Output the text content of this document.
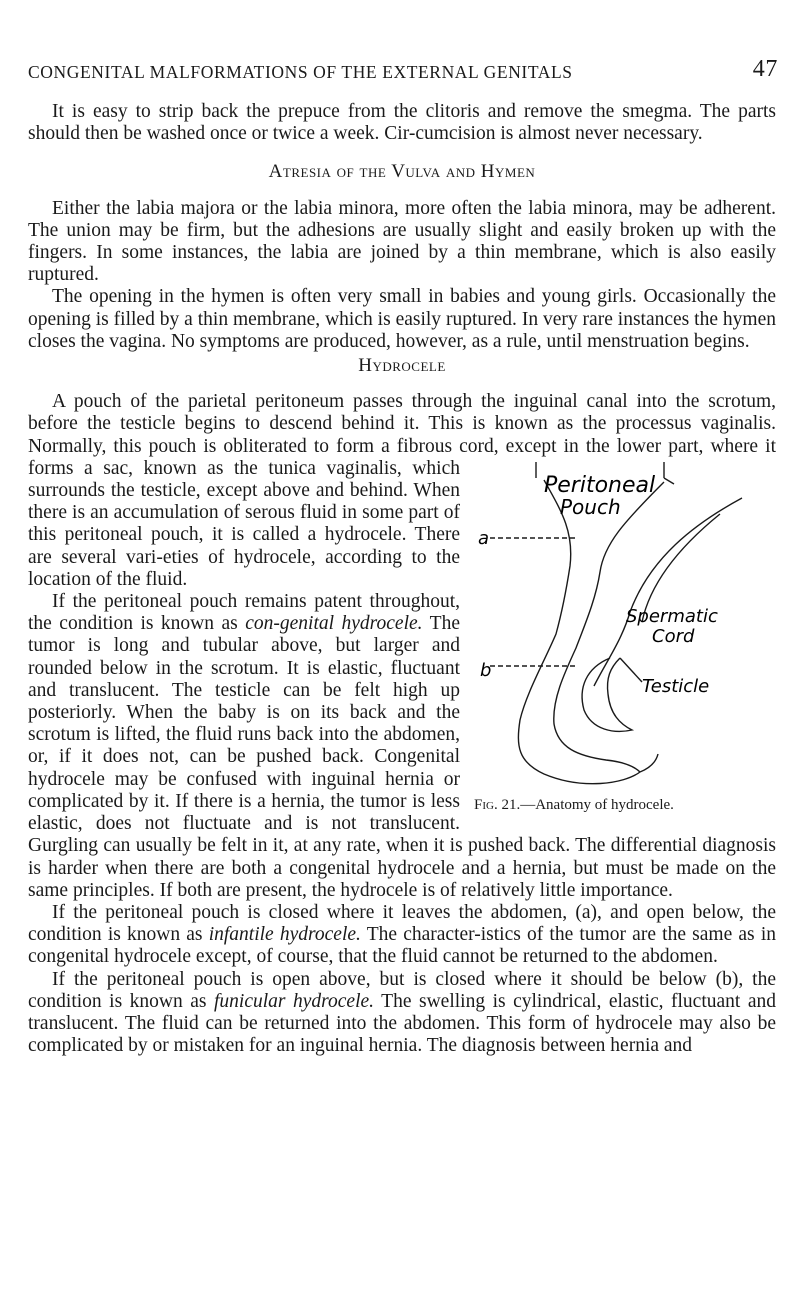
CONGENITAL MALFORMATIONS OF THE EXTERNAL GENITALS	47

It is easy to strip back the prepuce from the clitoris and remove the smegma. The parts should then be washed once or twice a week. Cir-cumcision is almost never necessary.

Atresia of the Vulva and Hymen

Either the labia majora or the labia minora, more often the labia minora, may be adherent. The union may be firm, but the adhesions are usually slight and easily broken up with the fingers. In some instances, the labia are joined by a thin membrane, which is also easily ruptured.

The opening in the hymen is often very small in babies and young girls. Occasionally the opening is filled by a thin membrane, which is easily ruptured. In very rare instances the hymen closes the vagina. No symptoms are produced, however, as a rule, until menstruation begins.

Hydrocele

A pouch of the parietal peritoneum passes through the inguinal canal into the scrotum, before the testicle begins to descend behind it. This is known as the processus vaginalis. Normally, this pouch is obliterated to form a fibrous cord, except in the lower part, where it forms a sac, known
Peritoneal
Pouch
a
Spermatic
Cord
b
Testicle
Fig. 21.—Anatomy of hydrocele.
as the tunica vaginalis, which surrounds the testicle, except above and behind. When there is an accumulation of serous fluid in some part of this peritoneal pouch, it is called a hydrocele. There are several vari-eties of hydrocele, according to the location of the fluid.

If the peritoneal pouch remains patent throughout, the condition is known as con-genital hydrocele. The tumor is long and tubular above, but larger and rounded below in the scrotum. It is elastic, fluctuant and translucent. The testicle can be felt high up posteriorly. When the baby is on its back and the scrotum is lifted, the fluid runs back into the abdomen, or, if it does not, can be pushed back. Congenital hydrocele may be confused with inguinal hernia or complicated by it. If there is a hernia, the tumor is less elastic, does not fluctuate and is not translucent. Gurgling can usually be felt in it, at any rate, when it is pushed back. The differential diagnosis is harder when there are both a congenital hydrocele and a hernia, but must be made on the same principles. If both are present, the hydrocele is of relatively little importance.

If the peritoneal pouch is closed where it leaves the abdomen, (a), and open below, the condition is known as infantile hydrocele. The character-istics of the tumor are the same as in congenital hydrocele except, of course, that the fluid cannot be returned to the abdomen.

If the peritoneal pouch is open above, but is closed where it should be below (b), the condition is known as funicular hydrocele. The swelling is cylindrical, elastic, fluctuant and translucent. The fluid can be returned into the abdomen. This form of hydrocele may also be complicated by or mistaken for an inguinal hernia. The diagnosis between hernia and
